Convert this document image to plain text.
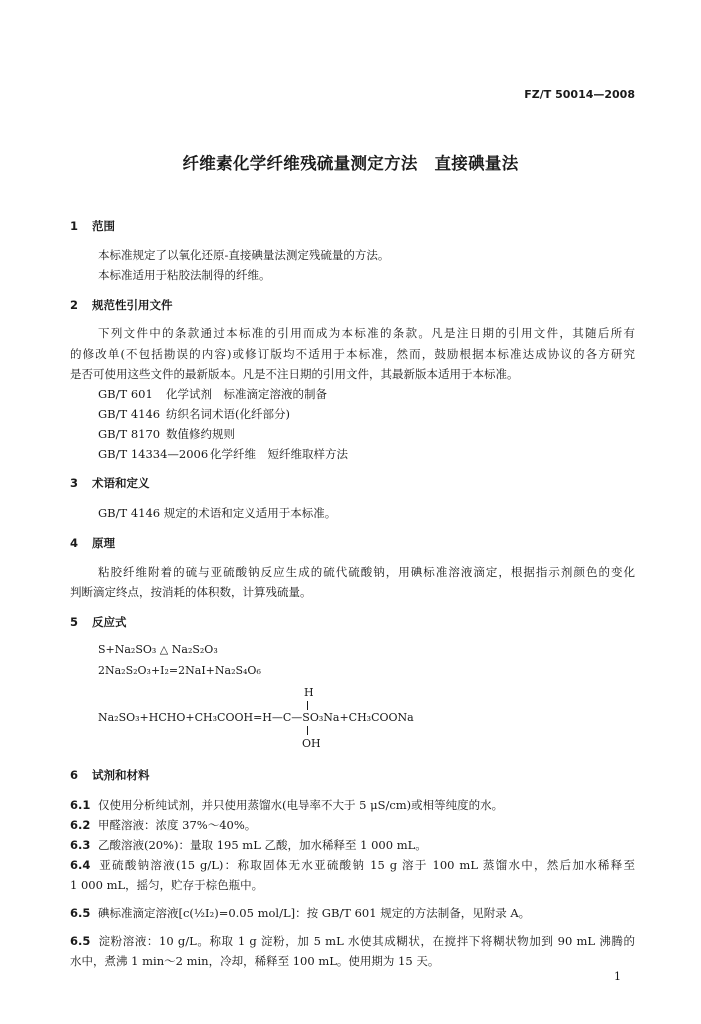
FZ/T 50014—2008
纤维素化学纤维残硫量测定方法　直接碘量法
1 范围
本标准规定了以氧化还原-直接碘量法测定残硫量的方法。
本标准适用于粘胶法制得的纤维。
2 规范性引用文件
下列文件中的条款通过本标准的引用而成为本标准的条款。凡是注日期的引用文件，其随后所有
的修改单(不包括勘误的内容)或修订版均不适用于本标准，然而，鼓励根据本标准达成协议的各方研究
是否可使用这些文件的最新版本。凡是不注日期的引用文件，其最新版本适用于本标准。
GB/T 601 化学试剂　标准滴定溶液的制备
GB/T 4146 纺织名词术语(化纤部分)
GB/T 8170 数值修约规则
GB/T 14334—2006 化学纤维　短纤维取样方法
3 术语和定义
GB/T 4146 规定的术语和定义适用于本标准。
4 原理
粘胶纤维附着的硫与亚硫酸钠反应生成的硫代硫酸钠，用碘标准溶液滴定，根据指示剂颜色的变化
判断滴定终点，按消耗的体积数，计算残硫量。
5 反应式
S+Na₂SO₃ △ Na₂S₂O₃
2Na₂S₂O₃+I₂=2NaI+Na₂S₄O₆
H
Na₂SO₃+HCHO+CH₃COOH=H—C—SO₃Na+CH₃COONa
OH
6 试剂和材料
6.1 仅使用分析纯试剂，并只使用蒸馏水(电导率不大于 5 μS/cm)或相等纯度的水。
6.2 甲醛溶液：浓度 37%～40%。
6.3 乙酸溶液(20%)：量取 195 mL 乙酸，加水稀释至 1 000 mL。
6.4 亚硫酸钠溶液(15 g/L)：称取固体无水亚硫酸钠 15 g 溶于 100 mL 蒸馏水中，然后加水稀释至
1 000 mL，摇匀，贮存于棕色瓶中。
6.5 碘标准滴定溶液[c(½I₂)=0.05 mol/L]：按 GB/T 601 规定的方法制备，见附录 A。
6.5 淀粉溶液：10 g/L。称取 1 g 淀粉，加 5 mL 水使其成糊状，在搅拌下将糊状物加到 90 mL 沸腾的
水中，煮沸 1 min～2 min，冷却，稀释至 100 mL。使用期为 15 天。
1
